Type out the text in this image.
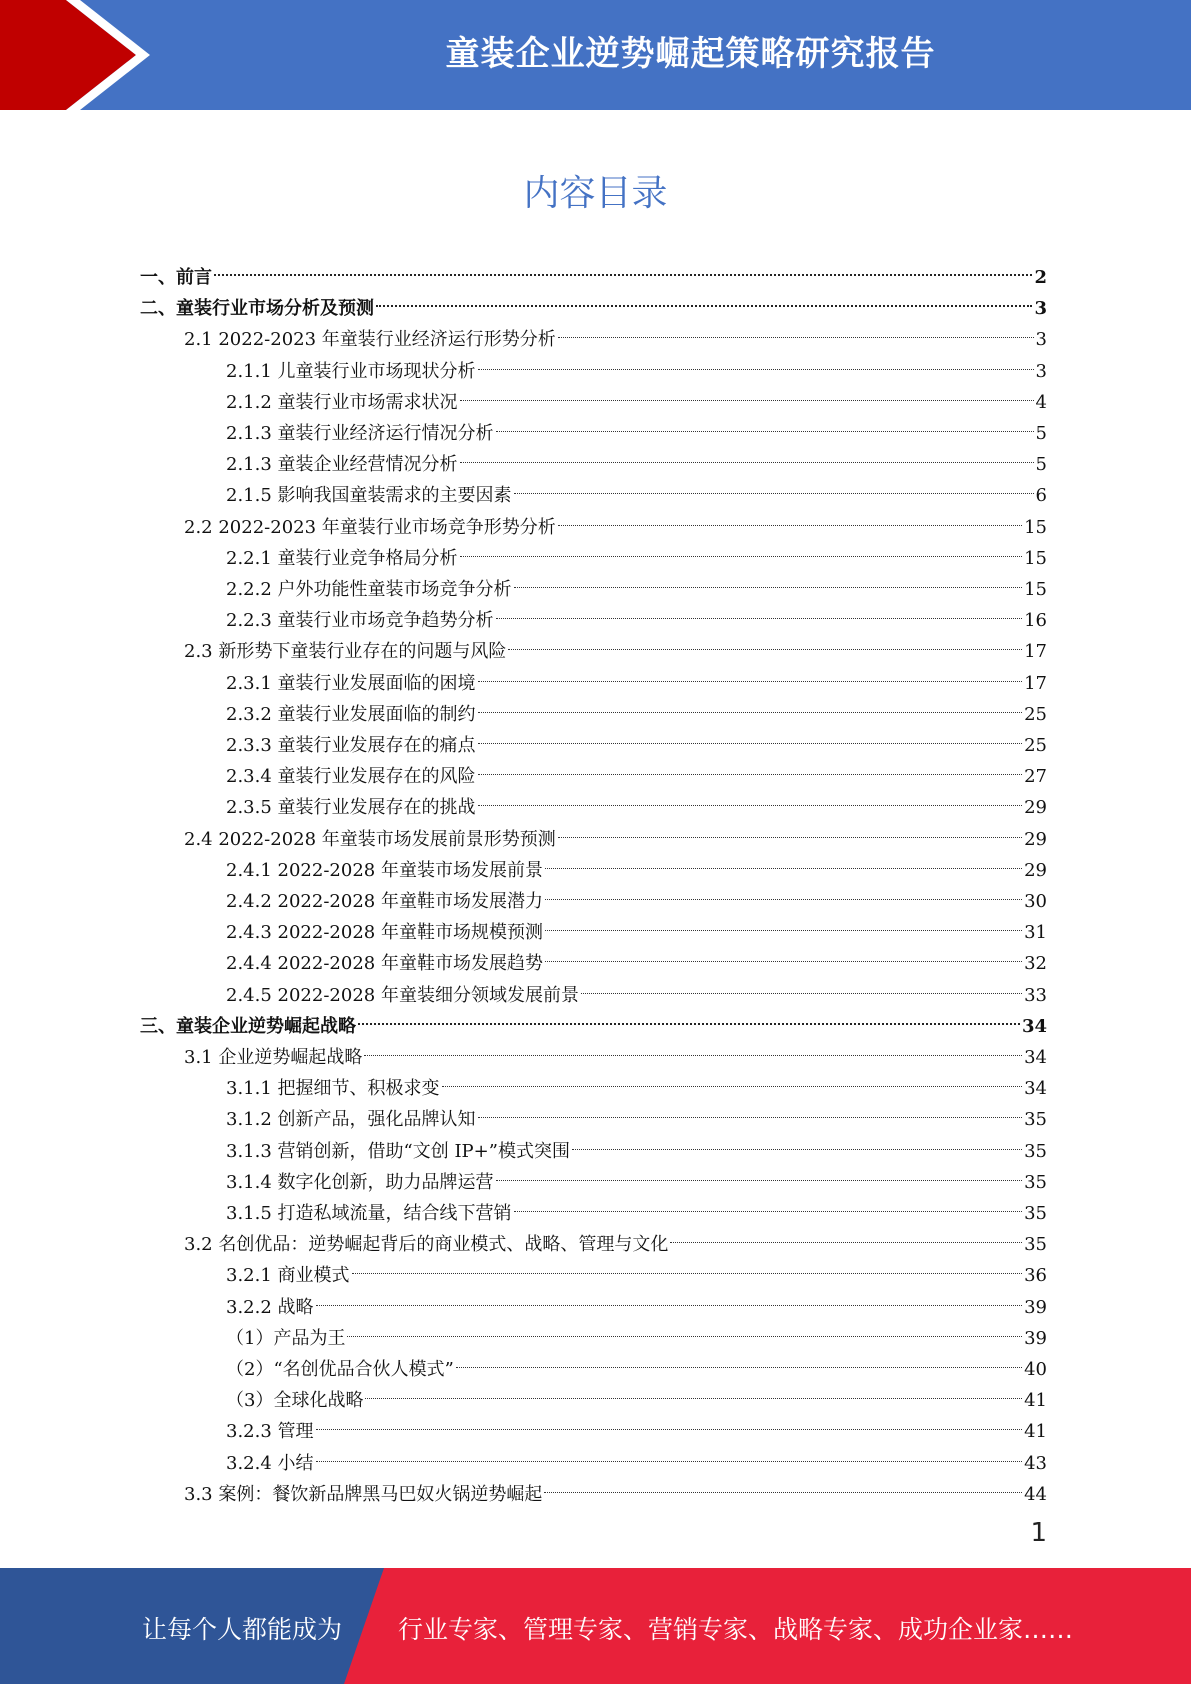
童装企业逆势崛起策略研究报告
内容目录
一、前言	2
二、童装行业市场分析及预测	3
2.1 2022-2023 年童装行业经济运行形势分析	3
2.1.1 儿童装行业市场现状分析	3
2.1.2 童装行业市场需求状况	4
2.1.3 童装行业经济运行情况分析	5
2.1.3 童装企业经营情况分析	5
2.1.5 影响我国童装需求的主要因素	6
2.2 2022-2023 年童装行业市场竞争形势分析	15
2.2.1 童装行业竞争格局分析	15
2.2.2 户外功能性童装市场竞争分析	15
2.2.3 童装行业市场竞争趋势分析	16
2.3 新形势下童装行业存在的问题与风险	17
2.3.1 童装行业发展面临的困境	17
2.3.2 童装行业发展面临的制约	25
2.3.3 童装行业发展存在的痛点	25
2.3.4 童装行业发展存在的风险	27
2.3.5 童装行业发展存在的挑战	29
2.4 2022-2028 年童装市场发展前景形势预测	29
2.4.1 2022-2028 年童装市场发展前景	29
2.4.2 2022-2028 年童鞋市场发展潜力	30
2.4.3 2022-2028 年童鞋市场规模预测	31
2.4.4 2022-2028 年童鞋市场发展趋势	32
2.4.5 2022-2028 年童装细分领域发展前景	33
三、童装企业逆势崛起战略	34
3.1 企业逆势崛起战略	34
3.1.1 把握细节、积极求变	34
3.1.2 创新产品，强化品牌认知	35
3.1.3 营销创新，借助“文创 IP+”模式突围	35
3.1.4 数字化创新，助力品牌运营	35
3.1.5 打造私域流量，结合线下营销	35
3.2 名创优品：逆势崛起背后的商业模式、战略、管理与文化	35
3.2.1 商业模式	36
3.2.2 战略	39
（1）产品为王	39
（2）“名创优品合伙人模式”	40
（3）全球化战略	41
3.2.3 管理	41
3.2.4 小结	43
3.3 案例：餐饮新品牌黑马巴奴火锅逆势崛起	44
1
让每个人都能成为 行业专家、管理专家、营销专家、战略专家、成功企业家……
